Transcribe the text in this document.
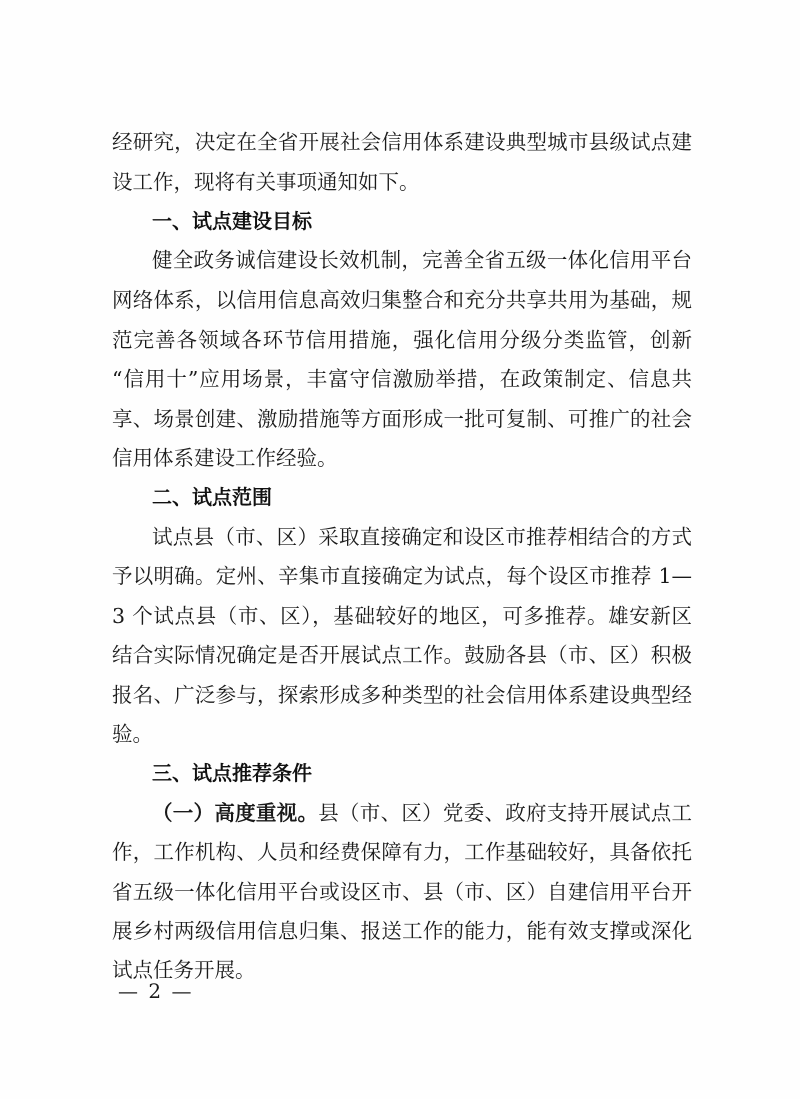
经研究，决定在全省开展社会信用体系建设典型城市县级试点建
设工作，现将有关事项通知如下。
一、试点建设目标
健全政务诚信建设长效机制，完善全省五级一体化信用平台
网络体系，以信用信息高效归集整合和充分共享共用为基础，规
范完善各领域各环节信用措施，强化信用分级分类监管，创新
“信用十”应用场景，丰富守信激励举措，在政策制定、信息共
享、场景创建、激励措施等方面形成一批可复制、可推广的社会
信用体系建设工作经验。
二、试点范围
试点县（市、区）采取直接确定和设区市推荐相结合的方式
予以明确。定州、辛集市直接确定为试点，每个设区市推荐 1—
3 个试点县（市、区），基础较好的地区，可多推荐。雄安新区
结合实际情况确定是否开展试点工作。鼓励各县（市、区）积极
报名、广泛参与，探索形成多种类型的社会信用体系建设典型经
验。
三、试点推荐条件
（一）高度重视。县（市、区）党委、政府支持开展试点工
作，工作机构、人员和经费保障有力，工作基础较好，具备依托
省五级一体化信用平台或设区市、县（市、区）自建信用平台开
展乡村两级信用信息归集、报送工作的能力，能有效支撑或深化
试点任务开展。
— 2 —
